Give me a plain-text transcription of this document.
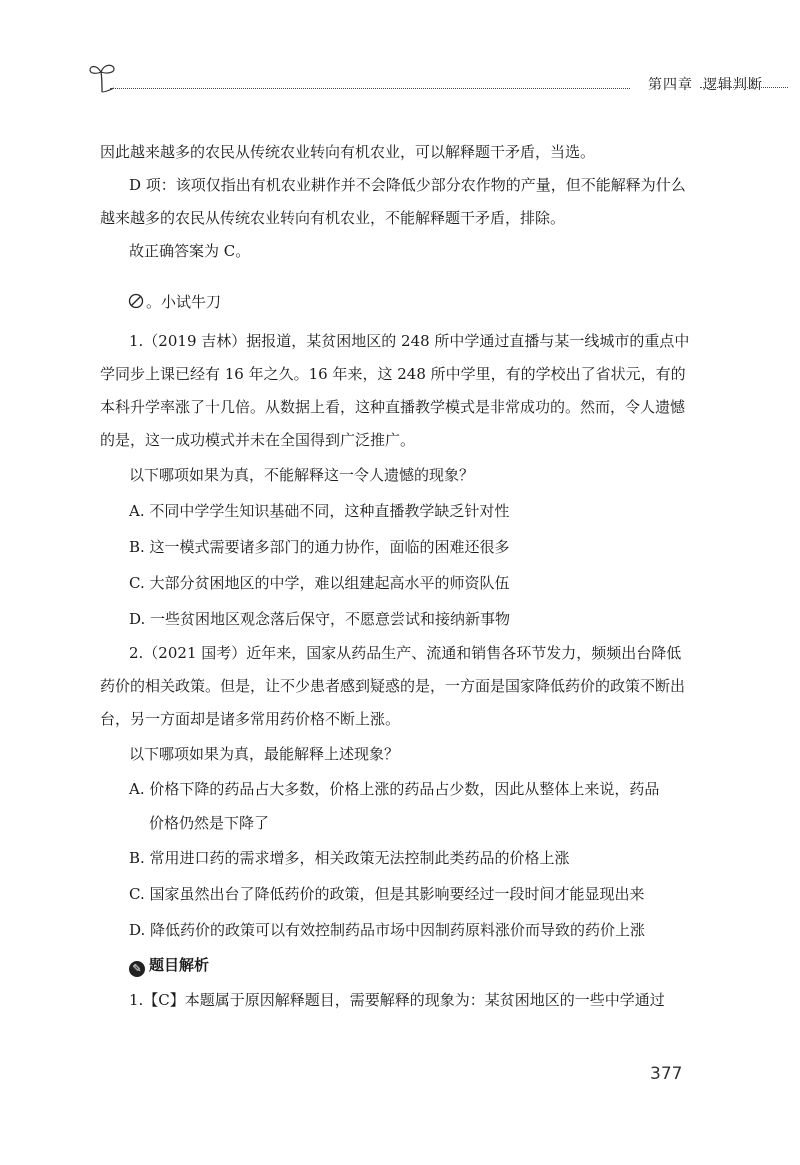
第四章 逻辑判断

因此越来越多的农民从传统农业转向有机农业，可以解释题干矛盾，当选。

D 项：该项仅指出有机农业耕作并不会降低少部分农作物的产量，但不能解释为什么越来越多的农民从传统农业转向有机农业，不能解释题干矛盾，排除。

故正确答案为 C。

。小试牛刀

1.（2019 吉林）据报道，某贫困地区的 248 所中学通过直播与某一线城市的重点中学同步上课已经有 16 年之久。16 年来，这 248 所中学里，有的学校出了省状元，有的本科升学率涨了十几倍。从数据上看，这种直播教学模式是非常成功的。然而，令人遗憾的是，这一成功模式并未在全国得到广泛推广。

以下哪项如果为真，不能解释这一令人遗憾的现象？

A. 不同中学学生知识基础不同，这种直播教学缺乏针对性

B. 这一模式需要诸多部门的通力协作，面临的困难还很多

C. 大部分贫困地区的中学，难以组建起高水平的师资队伍

D. 一些贫困地区观念落后保守，不愿意尝试和接纳新事物

2.（2021 国考）近年来，国家从药品生产、流通和销售各环节发力，频频出台降低药价的相关政策。但是，让不少患者感到疑惑的是，一方面是国家降低药价的政策不断出台，另一方面却是诸多常用药价格不断上涨。

以下哪项如果为真，最能解释上述现象？

A. 价格下降的药品占大多数，价格上涨的药品占少数，因此从整体上来说，药品
价格仍然是下降了

B. 常用进口药的需求增多，相关政策无法控制此类药品的价格上涨

C. 国家虽然出台了降低药价的政策，但是其影响要经过一段时间才能显现出来

D. 降低药价的政策可以有效控制药品市场中因制药原料涨价而导致的药价上涨

✎ 题目解析

1.【C】本题属于原因解释题目，需要解释的现象为：某贫困地区的一些中学通过

377
